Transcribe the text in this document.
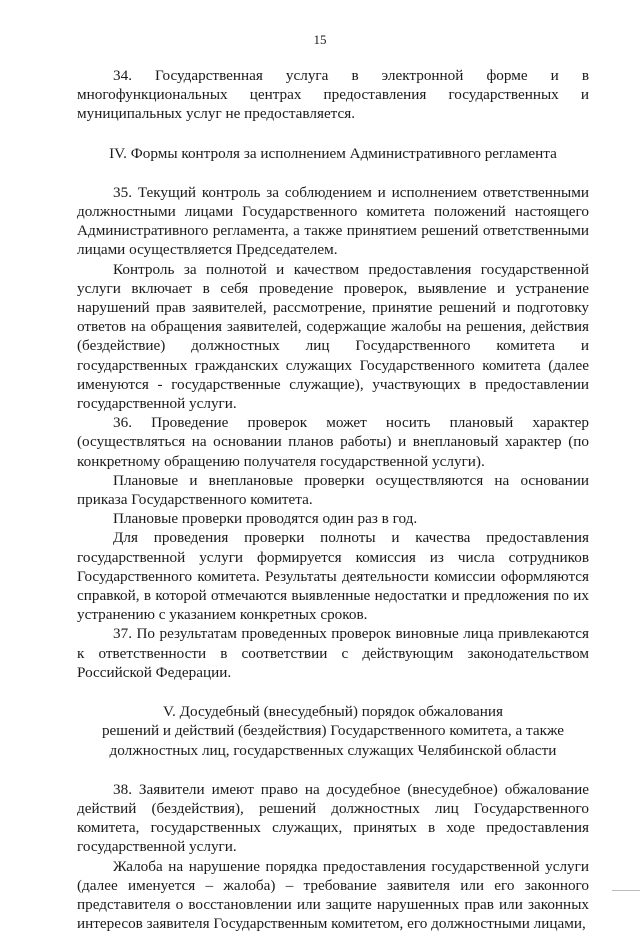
15

34. Государственная услуга в электронной форме и в многофункциональных центрах предоставления государственных и муниципальных услуг не предоставляется.

IV. Формы контроля за исполнением Административного регламента

35. Текущий контроль за соблюдением и исполнением ответственными должностными лицами Государственного комитета положений настоящего Административного регламента, а также принятием решений ответственными лицами осуществляется Председателем.

Контроль за полнотой и качеством предоставления государственной услуги включает в себя проведение проверок, выявление и устранение нарушений прав заявителей, рассмотрение, принятие решений и подготовку ответов на обращения заявителей, содержащие жалобы на решения, действия (бездействие) должностных лиц Государственного комитета и государственных гражданских служащих Государственного комитета (далее именуются - государственные служащие), участвующих в предоставлении государственной услуги.

36. Проведение проверок может носить плановый характер (осуществляться на основании планов работы) и внеплановый характер (по конкретному обращению получателя государственной услуги).

Плановые и внеплановые проверки осуществляются на основании приказа Государственного комитета.

Плановые проверки проводятся один раз в год.

Для проведения проверки полноты и качества предоставления государственной услуги формируется комиссия из числа сотрудников Государственного комитета. Результаты деятельности комиссии оформляются справкой, в которой отмечаются выявленные недостатки и предложения по их устранению с указанием конкретных сроков.

37. По результатам проведенных проверок виновные лица привлекаются к ответственности в соответствии с действующим законодательством Российской Федерации.

V. Досудебный (внесудебный) порядок обжалования

решений и действий (бездействия) Государственного комитета, а также

должностных лиц, государственных служащих Челябинской области

38. Заявители имеют право на досудебное (внесудебное) обжалование действий (бездействия), решений должностных лиц Государственного комитета, государственных служащих, принятых в ходе предоставления государственной услуги.

Жалоба на нарушение порядка предоставления государственной услуги (далее именуется – жалоба) – требование заявителя или его законного представителя о восстановлении или защите нарушенных прав или законных интересов заявителя Государственным комитетом, его должностными лицами,
